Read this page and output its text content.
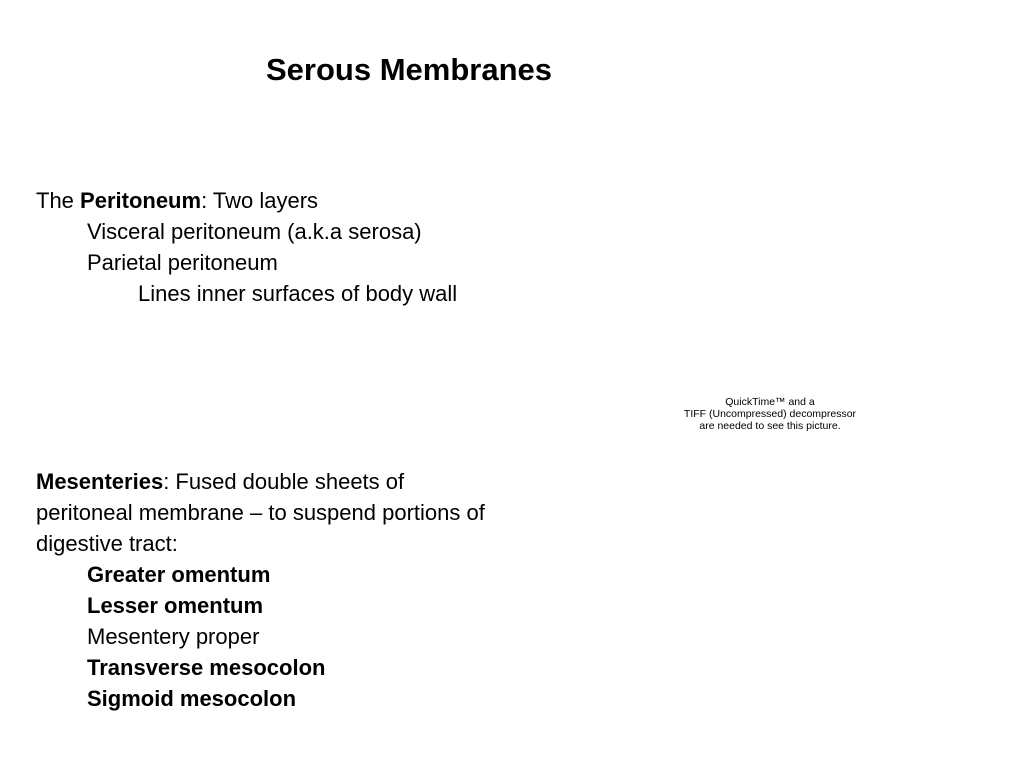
Serous Membranes
The Peritoneum: Two layers
Visceral peritoneum (a.k.a serosa)
Parietal peritoneum
Lines inner surfaces of body wall
QuickTime™ and a
TIFF (Uncompressed) decompressor
are needed to see this picture.
Mesenteries: Fused double sheets of
peritoneal membrane – to suspend portions of
digestive tract:
Greater omentum
Lesser omentum
Mesentery proper
Transverse mesocolon
Sigmoid mesocolon
